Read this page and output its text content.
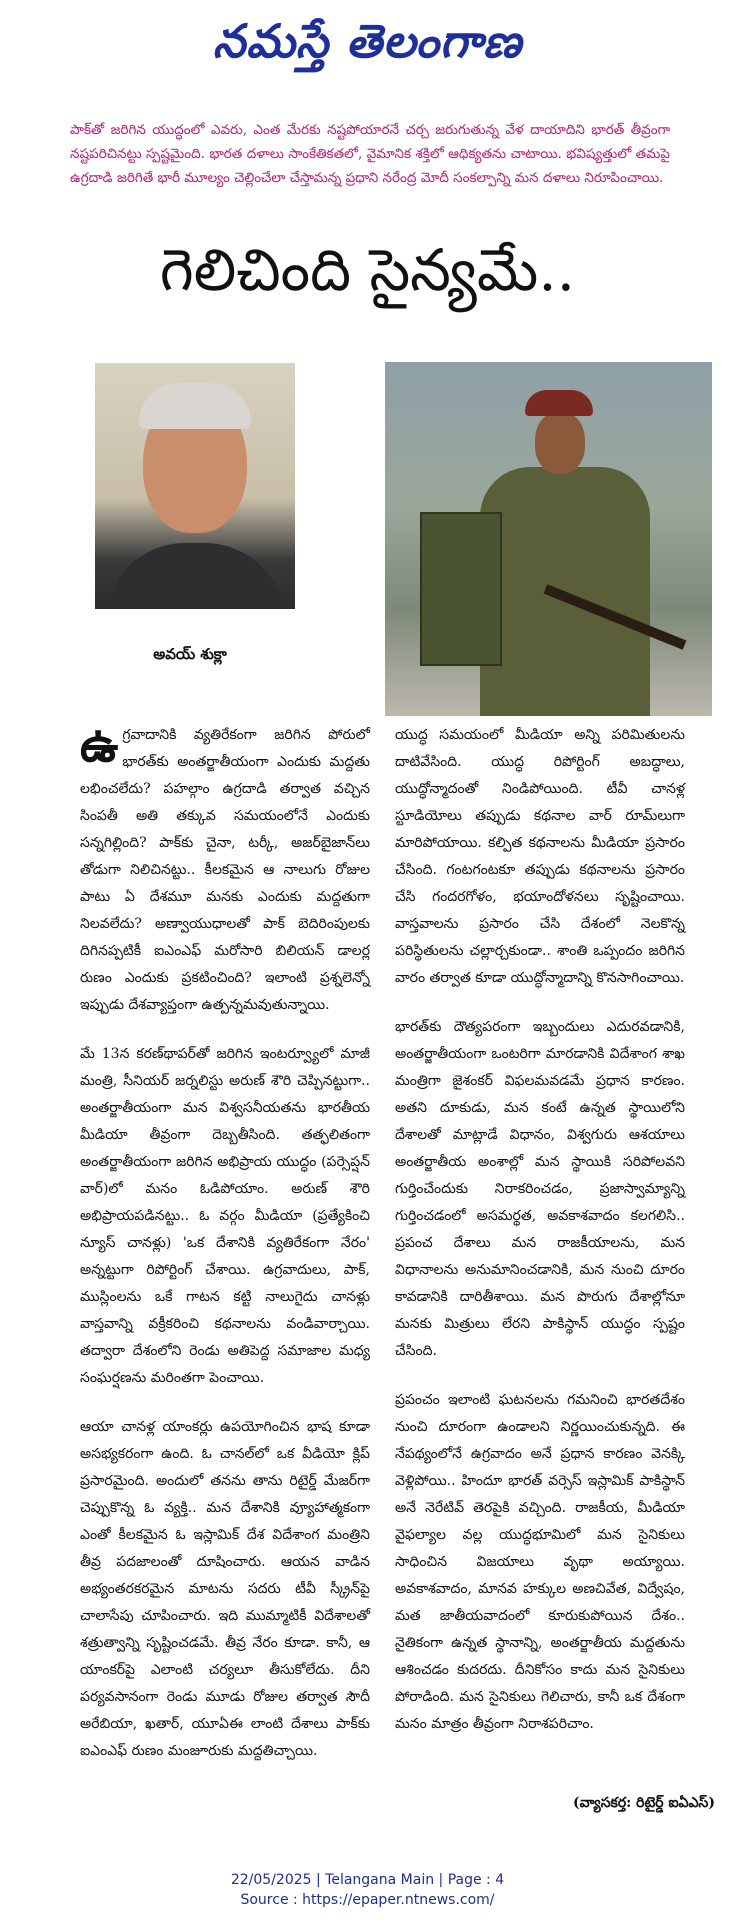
నమస్తే తెలంగాణ
పాక్‌తో జరిగిన యుద్ధంలో ఎవరు, ఎంత మేరకు నష్టపోయారనే చర్చ జరుగుతున్న వేళ దాయాదిని భారత్ తీవ్రంగా నష్టపరిచినట్టు స్పష్టమైంది. భారత దళాలు సాంకేతికతలో, వైమానిక శక్తిలో ఆధిక్యతను చాటాయి. భవిష్యత్తులో తమపై ఉగ్రదాడి జరిగితే భారీ మూల్యం చెల్లించేలా చేస్తామన్న ప్రధాని నరేంద్ర మోదీ సంకల్పాన్ని మన దళాలు నిరూపించాయి.
గెలిచింది సైన్యమే..
అవయ్ శుక్లా

ఉగ్రవాదానికి వ్యతిరేకంగా జరిగిన పోరులో భారత్‌కు అంతర్జాతీయంగా ఎందుకు మద్దతు లభించలేదు? పహల్గాం ఉగ్రదాడి తర్వాత వచ్చిన సింపతీ అతి తక్కువ సమయంలోనే ఎందుకు సన్నగిల్లింది? పాక్‌కు చైనా, టర్కీ, అజర్‌బైజాన్‌లు తోడుగా నిలిచినట్టు.. కీలకమైన ఆ నాలుగు రోజుల పాటు ఏ దేశమూ మనకు ఎందుకు మద్దతుగా నిలవలేదు? అణ్వాయుధాలతో పాక్ బెదిరింపులకు దిగినప్పటికీ ఐఎంఎఫ్ మరోసారి బిలియన్ డాలర్ల రుణం ఎందుకు ప్రకటించింది? ఇలాంటి ప్రశ్నలెన్నో ఇప్పుడు దేశవ్యాప్తంగా ఉత్పన్నమవుతున్నాయి.

మే 13న కరణ్‌థాపర్‌తో జరిగిన ఇంటర్వ్యూలో మాజీ మంత్రి, సీనియర్ జర్నలిస్టు అరుణ్ శౌరి చెప్పినట్టుగా.. అంతర్జాతీయంగా మన విశ్వసనీయతను భారతీయ మీడియా తీవ్రంగా దెబ్బతీసింది. తత్ఫలితంగా అంతర్జాతీయంగా జరిగిన అభిప్రాయ యుద్ధం (పర్సెప్షన్ వార్)లో మనం ఓడిపోయాం. అరుణ్ శౌరి అభిప్రాయపడినట్టు.. ఓ వర్గం మీడియా (ప్రత్యేకించి న్యూస్ చానళ్లు) 'ఒక దేశానికి వ్యతిరేకంగా నేరం' అన్నట్టుగా రిపోర్టింగ్ చేశాయి. ఉగ్రవాదులు, పాక్, ముస్లింలను ఒకే గాటన కట్టి నాలుగైదు చానళ్లు వాస్తవాన్ని వక్రీకరించి కథనాలను వండివార్చాయి. తద్వారా దేశంలోని రెండు అతిపెద్ద సమాజాల మధ్య సంఘర్షణను మరింతగా పెంచాయి.

ఆయా చానళ్ల యాంకర్లు ఉపయోగించిన భాష కూడా అసభ్యకరంగా ఉంది. ఓ చానల్‌లో ఒక వీడియో క్లిప్ ప్రసారమైంది. అందులో తనను తాను రిటైర్డ్ మేజర్‌గా చెప్పుకొన్న ఓ వ్యక్తి.. మన దేశానికి వ్యూహాత్మకంగా ఎంతో కీలకమైన ఓ ఇస్లామిక్ దేశ విదేశాంగ మంత్రిని తీవ్ర పదజాలంతో దూషించారు. ఆయన వాడిన అభ్యంతరకరమైన మాటను సదరు టీవీ స్క్రీన్‌పై చాలాసేపు చూపించారు. ఇది ముమ్మాటికీ విదేశాలతో శత్రుత్వాన్ని సృష్టించడమే. తీవ్ర నేరం కూడా. కానీ, ఆ యాంకర్‌పై ఎలాంటి చర్యలూ తీసుకోలేదు. దీని పర్యవసానంగా రెండు మూడు రోజుల తర్వాత సౌదీ అరేబియా, ఖతార్, యూఏఈ లాంటి దేశాలు పాక్‌కు ఐఎంఎఫ్ రుణం మంజూరుకు మద్దతిచ్చాయి.

యుద్ధ సమయంలో మీడియా అన్ని పరిమితులను దాటివేసింది. యుద్ధ రిపోర్టింగ్ అబద్ధాలు, యుద్ధోన్మాదంతో నిండిపోయింది. టీవీ చానళ్ల స్టూడియోలు తప్పుడు కథనాల వార్ రూమ్‌లుగా మారిపోయాయి. కల్పిత కథనాలను మీడియా ప్రసారం చేసింది. గంటగంటకూ తప్పుడు కథనాలను ప్రసారం చేసి గందరగోళం, భయాందోళనలు సృష్టించాయి. వాస్తవాలను ప్రసారం చేసి దేశంలో నెలకొన్న పరిస్థితులను చల్లార్చకుండా.. శాంతి ఒప్పందం జరిగిన వారం తర్వాత కూడా యుద్ధోన్మాదాన్ని కొనసాగించాయి.

భారత్‌కు దౌత్యపరంగా ఇబ్బందులు ఎదురవడానికి, అంతర్జాతీయంగా ఒంటరిగా మారడానికి విదేశాంగ శాఖ మంత్రిగా జైశంకర్ విఫలమవడమే ప్రధాన కారణం. అతని దూకుడు, మన కంటే ఉన్నత స్థాయిలోని దేశాలతో మాట్లాడే విధానం, విశ్వగురు ఆశయాలు అంతర్జాతీయ అంశాల్లో మన స్థాయికి సరిపోలవని గుర్తించేందుకు నిరాకరించడం, ప్రజాస్వామ్యాన్ని గుర్తించడంలో అసమర్థత, అవకాశవాదం కలగలిసి.. ప్రపంచ దేశాలు మన రాజకీయాలను, మన విధానాలను అనుమానించడానికి, మన నుంచి దూరం కావడానికి దారితీశాయి. మన పొరుగు దేశాల్లోనూ మనకు మిత్రులు లేరని పాకిస్థాన్ యుద్ధం స్పష్టం చేసింది.

ప్రపంచం ఇలాంటి ఘటనలను గమనించి భారతదేశం నుంచి దూరంగా ఉండాలని నిర్ణయించుకున్నది. ఈ నేపథ్యంలోనే ఉగ్రవాదం అనే ప్రధాన కారణం వెనక్కి వెళ్లిపోయి.. హిందూ భారత్ వర్సెస్ ఇస్లామిక్ పాకిస్థాన్ అనే నెరేటివ్ తెరపైకి వచ్చింది. రాజకీయ, మీడియా వైఫల్యాల వల్ల యుద్ధభూమిలో మన సైనికులు సాధించిన విజయాలు వృథా అయ్యాయి. అవకాశవాదం, మానవ హక్కుల అణచివేత, విద్వేషం, మత జాతీయవాదంలో కూరుకుపోయిన దేశం.. నైతికంగా ఉన్నత స్థానాన్ని, అంతర్జాతీయ మద్దతును ఆశించడం కుదరదు. దీనికోసం కాదు మన సైనికులు పోరాడింది. మన సైనికులు గెలిచారు, కానీ ఒక దేశంగా మనం మాత్రం తీవ్రంగా నిరాశపరిచాం.

(వ్యాసకర్త: రిటైర్డ్ ఐఏఎస్)
22/05/2025 | Telangana Main | Page : 4
Source : https://epaper.ntnews.com/
